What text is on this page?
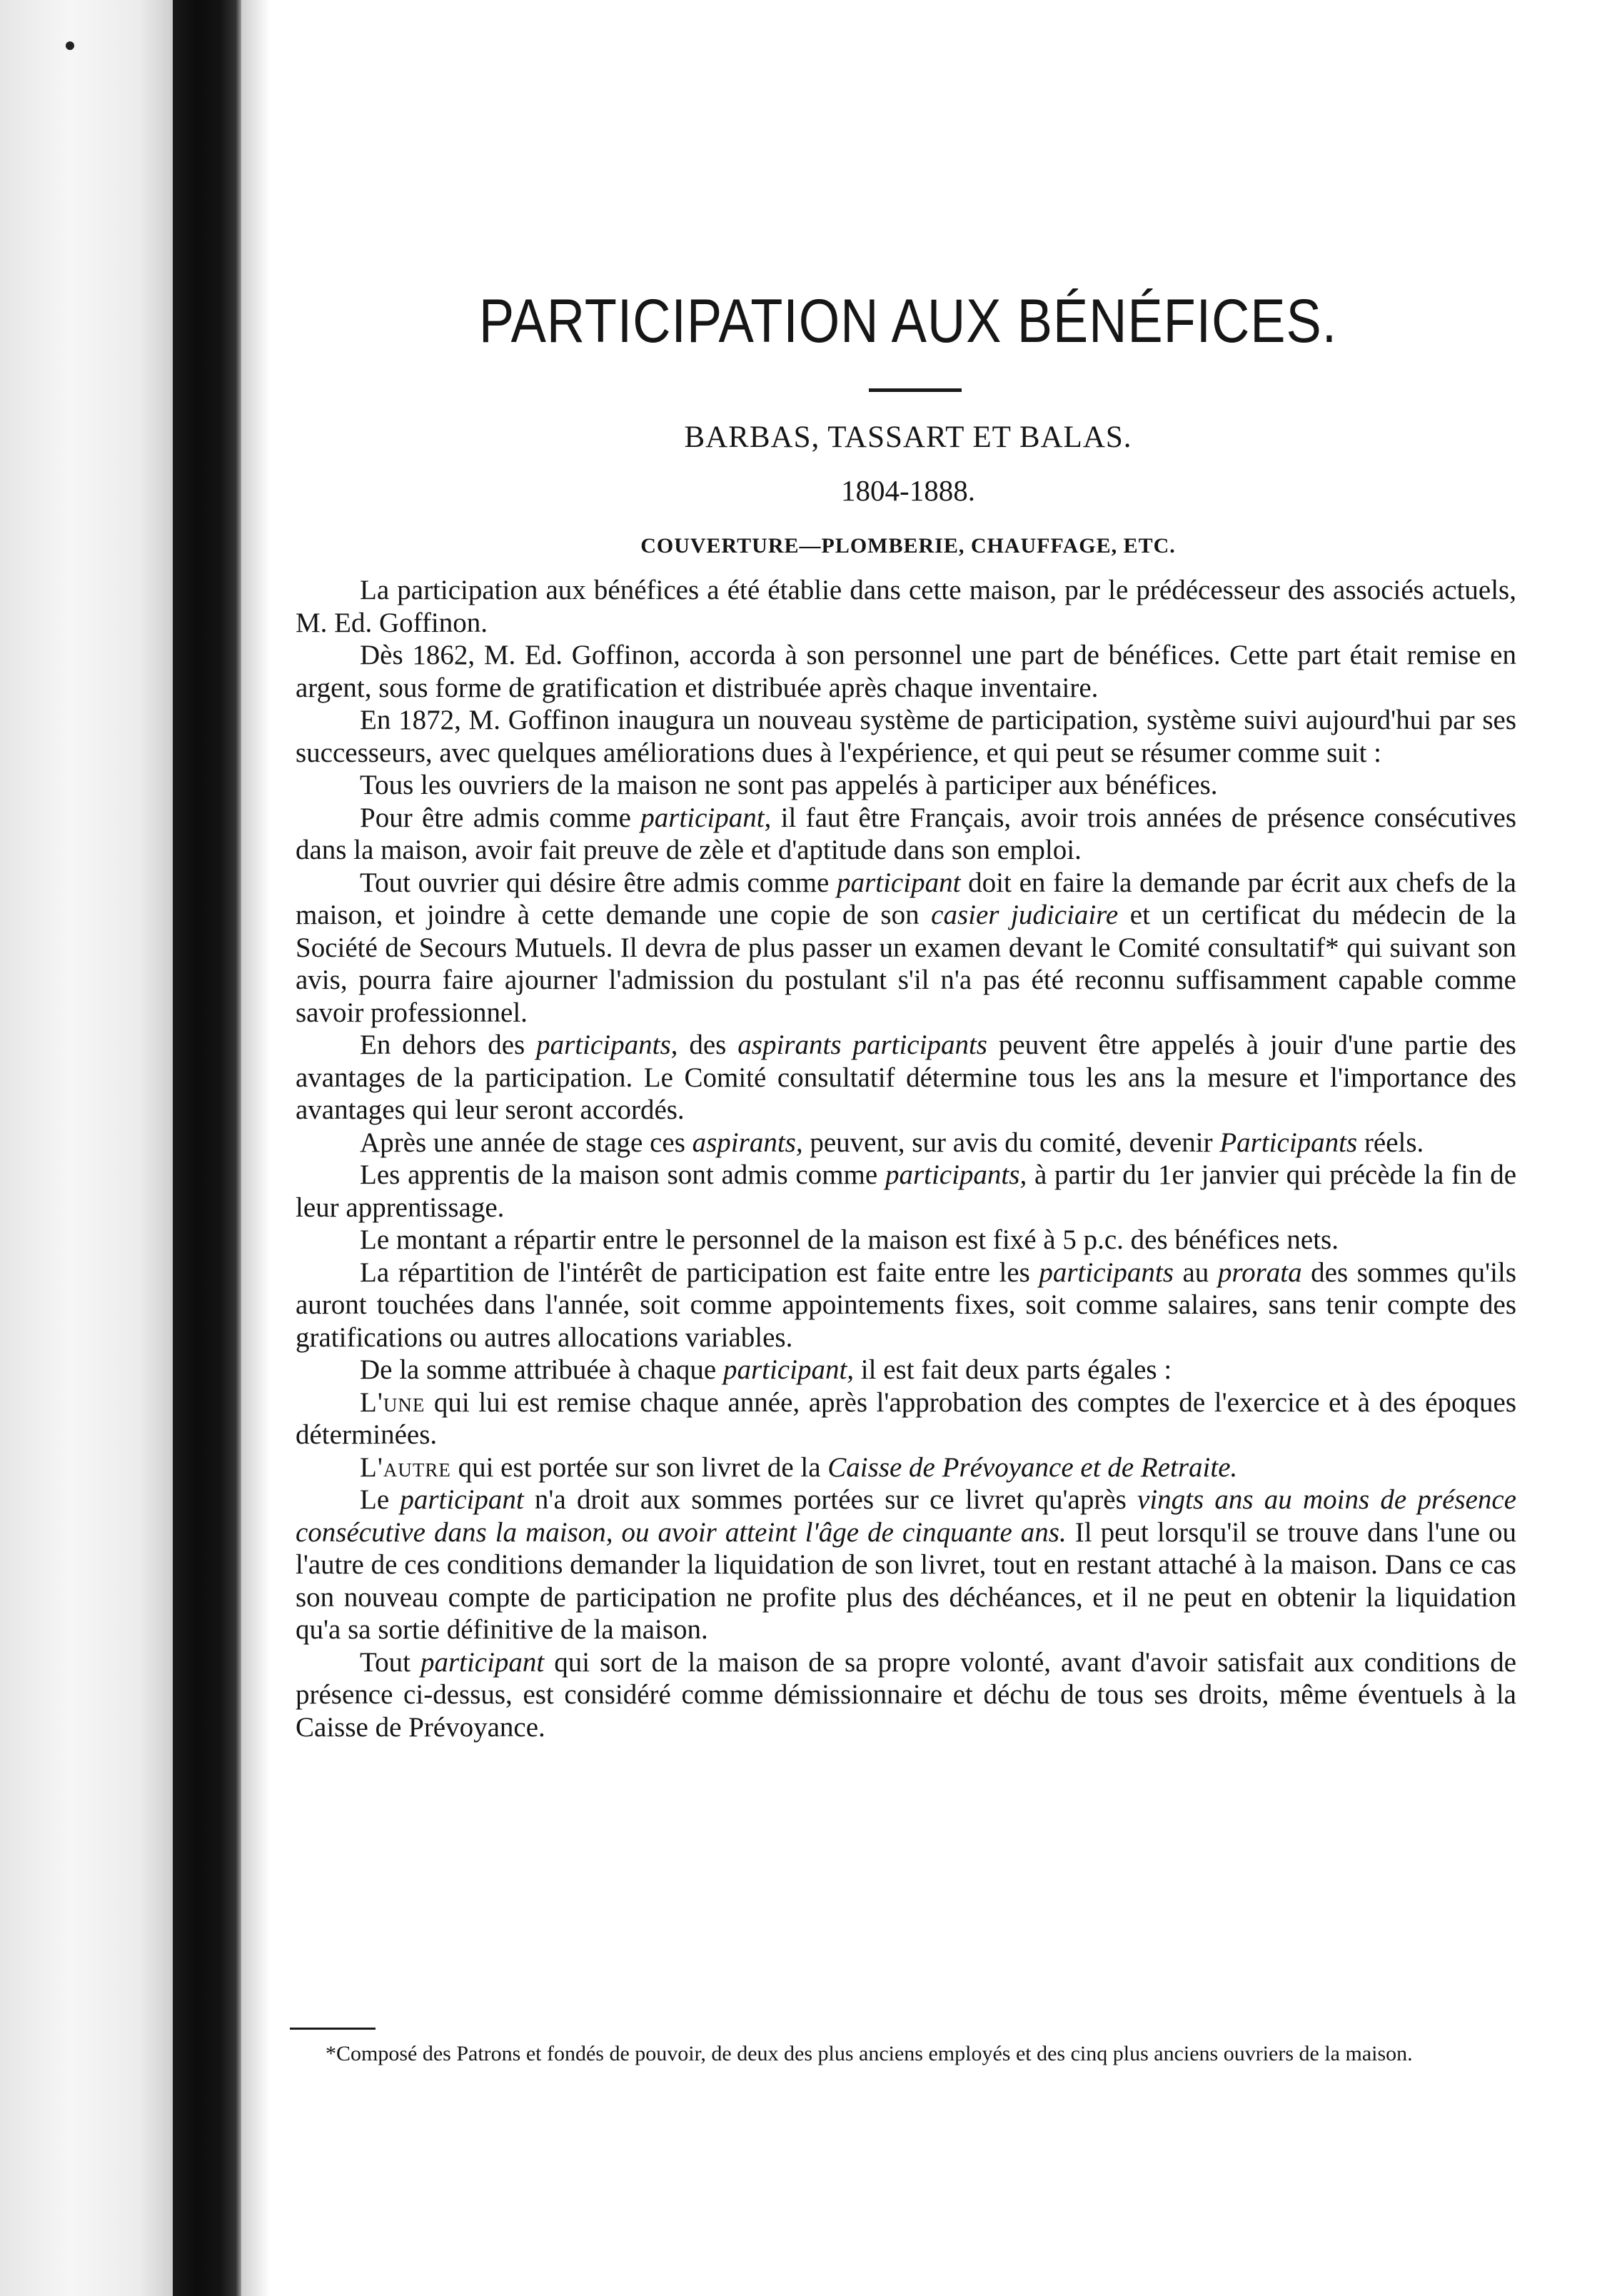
PARTICIPATION AUX BÉNÉFICES.
BARBAS, TASSART ET BALAS.
1804-1888.
COUVERTURE—PLOMBERIE, CHAUFFAGE, ETC.

La participation aux bénéfices a été établie dans cette maison, par le prédécesseur des associés actuels, M. Ed. Goffinon.

Dès 1862, M. Ed. Goffinon, accorda à son personnel une part de bénéfices. Cette part était remise en argent, sous forme de gratification et distribuée après chaque inventaire.

En 1872, M. Goffinon inaugura un nouveau système de participation, système suivi aujourd'hui par ses successeurs, avec quelques améliorations dues à l'expérience, et qui peut se résumer comme suit :

Tous les ouvriers de la maison ne sont pas appelés à participer aux bénéfices.

Pour être admis comme participant, il faut être Français, avoir trois années de présence consécutives dans la maison, avoir fait preuve de zèle et d'aptitude dans son emploi.

Tout ouvrier qui désire être admis comme participant doit en faire la demande par écrit aux chefs de la maison, et joindre à cette demande une copie de son casier judiciaire et un certificat du médecin de la Société de Secours Mutuels. Il devra de plus passer un examen devant le Comité consultatif* qui suivant son avis, pourra faire ajourner l'admission du postulant s'il n'a pas été reconnu suffisamment capable comme savoir professionnel.

En dehors des participants, des aspirants participants peuvent être appelés à jouir d'une partie des avantages de la participation. Le Comité consultatif détermine tous les ans la mesure et l'importance des avantages qui leur seront accordés.

Après une année de stage ces aspirants, peuvent, sur avis du comité, devenir Participants réels.

Les apprentis de la maison sont admis comme participants, à partir du 1er janvier qui précède la fin de leur apprentissage.

Le montant a répartir entre le personnel de la maison est fixé à 5 p.c. des bénéfices nets.

La répartition de l'intérêt de participation est faite entre les participants au prorata des sommes qu'ils auront touchées dans l'année, soit comme appointements fixes, soit comme salaires, sans tenir compte des gratifications ou autres allocations variables.

De la somme attribuée à chaque participant, il est fait deux parts égales :

L'une qui lui est remise chaque année, après l'approbation des comptes de l'exercice et à des époques déterminées.

L'autre qui est portée sur son livret de la Caisse de Prévoyance et de Retraite.

Le participant n'a droit aux sommes portées sur ce livret qu'après vingts ans au moins de présence consécutive dans la maison, ou avoir atteint l'âge de cinquante ans. Il peut lorsqu'il se trouve dans l'une ou l'autre de ces conditions demander la liquidation de son livret, tout en restant attaché à la maison. Dans ce cas son nouveau compte de participation ne profite plus des déchéances, et il ne peut en obtenir la liquidation qu'a sa sortie définitive de la maison.

Tout participant qui sort de la maison de sa propre volonté, avant d'avoir satisfait aux conditions de présence ci-dessus, est considéré comme démissionnaire et déchu de tous ses droits, même éventuels à la Caisse de Prévoyance.

*Composé des Patrons et fondés de pouvoir, de deux des plus anciens employés et des cinq plus anciens ouvriers de la maison.
